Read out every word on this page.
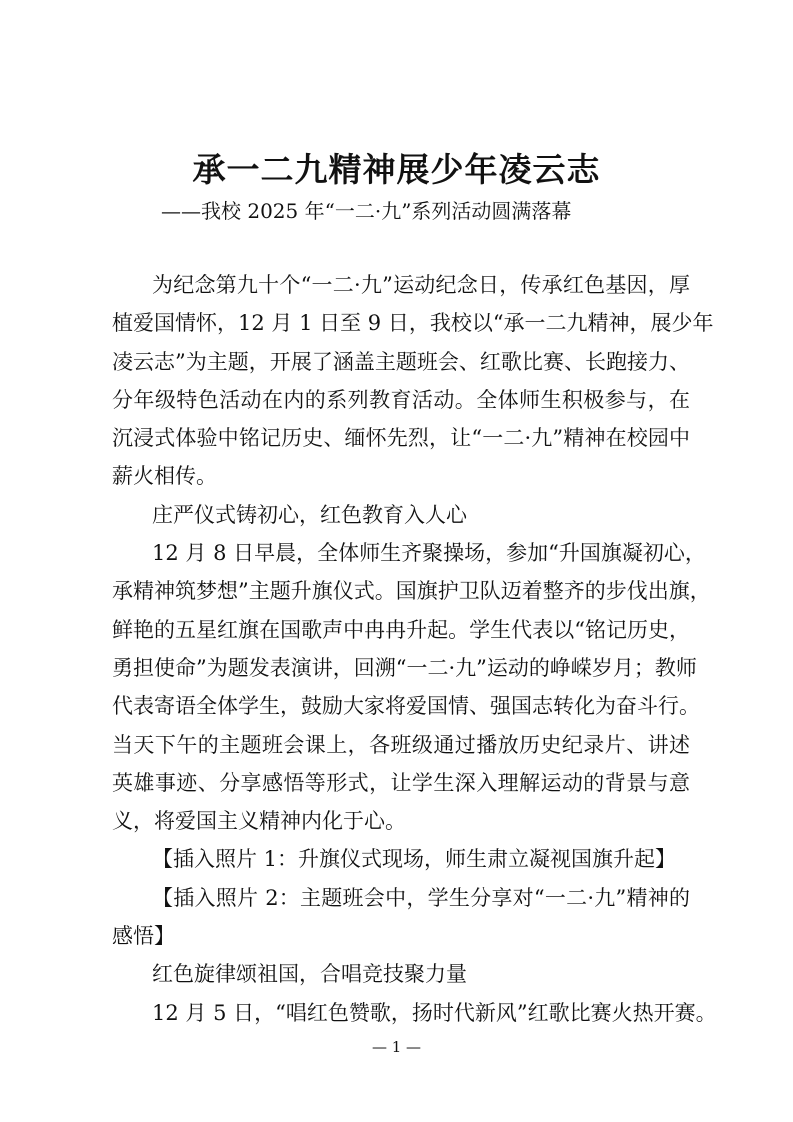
承一二九精神展少年凌云志
——我校 2025 年“一二·九”系列活动圆满落幕
为纪念第九十个“一二·九”运动纪念日，传承红色基因，厚
植爱国情怀，12 月 1 日至 9 日，我校以“承一二九精神，展少年
凌云志”为主题，开展了涵盖主题班会、红歌比赛、长跑接力、
分年级特色活动在内的系列教育活动。全体师生积极参与，在
沉浸式体验中铭记历史、缅怀先烈，让“一二·九”精神在校园中
薪火相传。
庄严仪式铸初心，红色教育入人心
12 月 8 日早晨，全体师生齐聚操场，参加“升国旗凝初心，
承精神筑梦想”主题升旗仪式。国旗护卫队迈着整齐的步伐出旗，
鲜艳的五星红旗在国歌声中冉冉升起。学生代表以“铭记历史，
勇担使命”为题发表演讲，回溯“一二·九”运动的峥嵘岁月；教师
代表寄语全体学生，鼓励大家将爱国情、强国志转化为奋斗行。
当天下午的主题班会课上，各班级通过播放历史纪录片、讲述
英雄事迹、分享感悟等形式，让学生深入理解运动的背景与意
义，将爱国主义精神内化于心。
【插入照片 1：升旗仪式现场，师生肃立凝视国旗升起】
【插入照片 2：主题班会中，学生分享对“一二·九”精神的
感悟】
红色旋律颂祖国，合唱竞技聚力量
12 月 5 日，“唱红色赞歌，扬时代新风”红歌比赛火热开赛。
— 1 —
